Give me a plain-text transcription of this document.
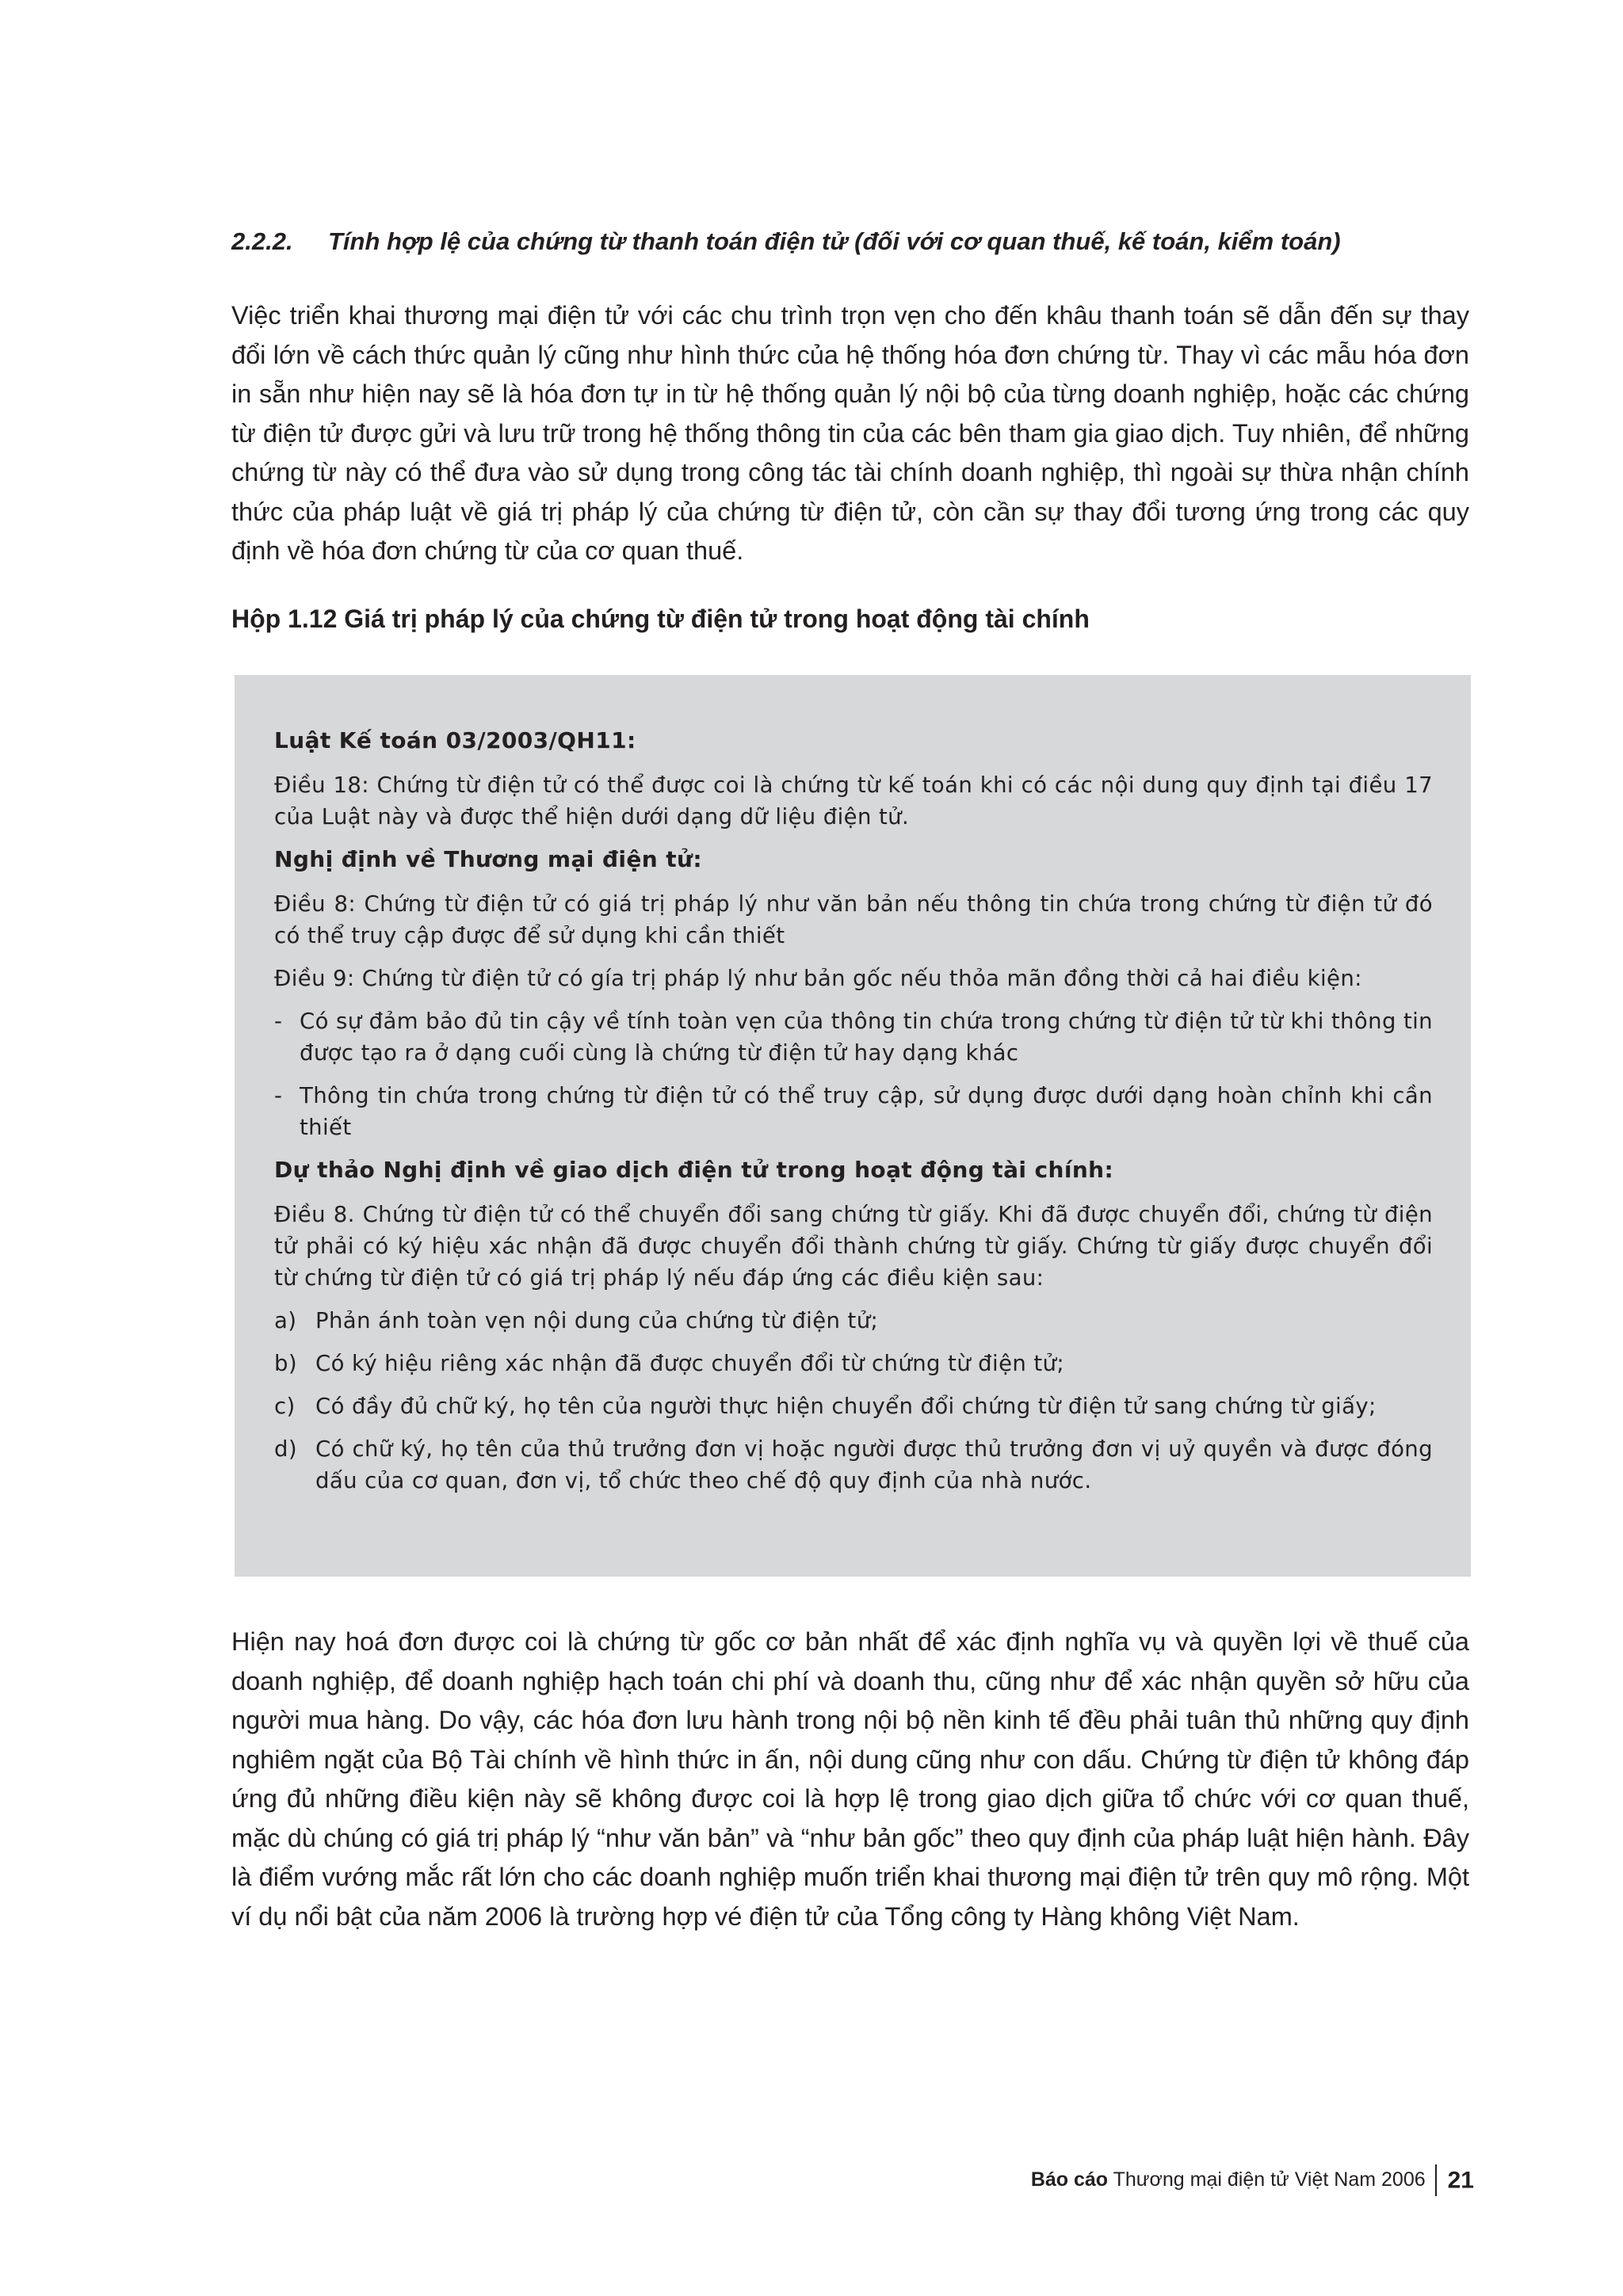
2.2.2. Tính hợp lệ của chứng từ thanh toán điện tử (đối với cơ quan thuế, kế toán, kiểm toán)

Việc triển khai thương mại điện tử với các chu trình trọn vẹn cho đến khâu thanh toán sẽ dẫn đến sự thay đổi lớn về cách thức quản lý cũng như hình thức của hệ thống hóa đơn chứng từ. Thay vì các mẫu hóa đơn in sẵn như hiện nay sẽ là hóa đơn tự in từ hệ thống quản lý nội bộ của từng doanh nghiệp, hoặc các chứng từ điện tử được gửi và lưu trữ trong hệ thống thông tin của các bên tham gia giao dịch. Tuy nhiên, để những chứng từ này có thể đưa vào sử dụng trong công tác tài chính doanh nghiệp, thì ngoài sự thừa nhận chính thức của pháp luật về giá trị pháp lý của chứng từ điện tử, còn cần sự thay đổi tương ứng trong các quy định về hóa đơn chứng từ của cơ quan thuế.

Hộp 1.12 Giá trị pháp lý của chứng từ điện tử trong hoạt động tài chính
Luật Kế toán 03/2003/QH11:

Điều 18: Chứng từ điện tử có thể được coi là chứng từ kế toán khi có các nội dung quy định tại điều 17 của Luật này và được thể hiện dưới dạng dữ liệu điện tử.

Nghị định về Thương mại điện tử:

Điều 8: Chứng từ điện tử có giá trị pháp lý như văn bản nếu thông tin chứa trong chứng từ điện tử đó có thể truy cập được để sử dụng khi cần thiết

Điều 9: Chứng từ điện tử có gía trị pháp lý như bản gốc nếu thỏa mãn đồng thời cả hai điều kiện:

- Có sự đảm bảo đủ tin cậy về tính toàn vẹn của thông tin chứa trong chứng từ điện tử từ khi thông tin được tạo ra ở dạng cuối cùng là chứng từ điện tử hay dạng khác
- Thông tin chứa trong chứng từ điện tử có thể truy cập, sử dụng được dưới dạng hoàn chỉnh khi cần thiết
Dự thảo Nghị định về giao dịch điện tử trong hoạt động tài chính:

Điều 8. Chứng từ điện tử có thể chuyển đổi sang chứng từ giấy. Khi đã được chuyển đổi, chứng từ điện tử phải có ký hiệu xác nhận đã được chuyển đổi thành chứng từ giấy. Chứng từ giấy được chuyển đổi từ chứng từ điện tử có giá trị pháp lý nếu đáp ứng các điều kiện sau:

a) Phản ánh toàn vẹn nội dung của chứng từ điện tử;
b) Có ký hiệu riêng xác nhận đã được chuyển đổi từ chứng từ điện tử;
c) Có đầy đủ chữ ký, họ tên của người thực hiện chuyển đổi chứng từ điện tử sang chứng từ giấy;
d) Có chữ ký, họ tên của thủ trưởng đơn vị hoặc người được thủ trưởng đơn vị uỷ quyền và được đóng dấu của cơ quan, đơn vị, tổ chức theo chế độ quy định của nhà nước.

Hiện nay hoá đơn được coi là chứng từ gốc cơ bản nhất để xác định nghĩa vụ và quyền lợi về thuế của doanh nghiệp, để doanh nghiệp hạch toán chi phí và doanh thu, cũng như để xác nhận quyền sở hữu của người mua hàng. Do vậy, các hóa đơn lưu hành trong nội bộ nền kinh tế đều phải tuân thủ những quy định nghiêm ngặt của Bộ Tài chính về hình thức in ấn, nội dung cũng như con dấu. Chứng từ điện tử không đáp ứng đủ những điều kiện này sẽ không được coi là hợp lệ trong giao dịch giữa tổ chức với cơ quan thuế, mặc dù chúng có giá trị pháp lý “như văn bản” và “như bản gốc” theo quy định của pháp luật hiện hành. Đây là điểm vướng mắc rất lớn cho các doanh nghiệp muốn triển khai thương mại điện tử trên quy mô rộng. Một ví dụ nổi bật của năm 2006 là trường hợp vé điện tử của Tổng công ty Hàng không Việt Nam.

Báo cáo Thương mại điện tử Việt Nam 2006 21
